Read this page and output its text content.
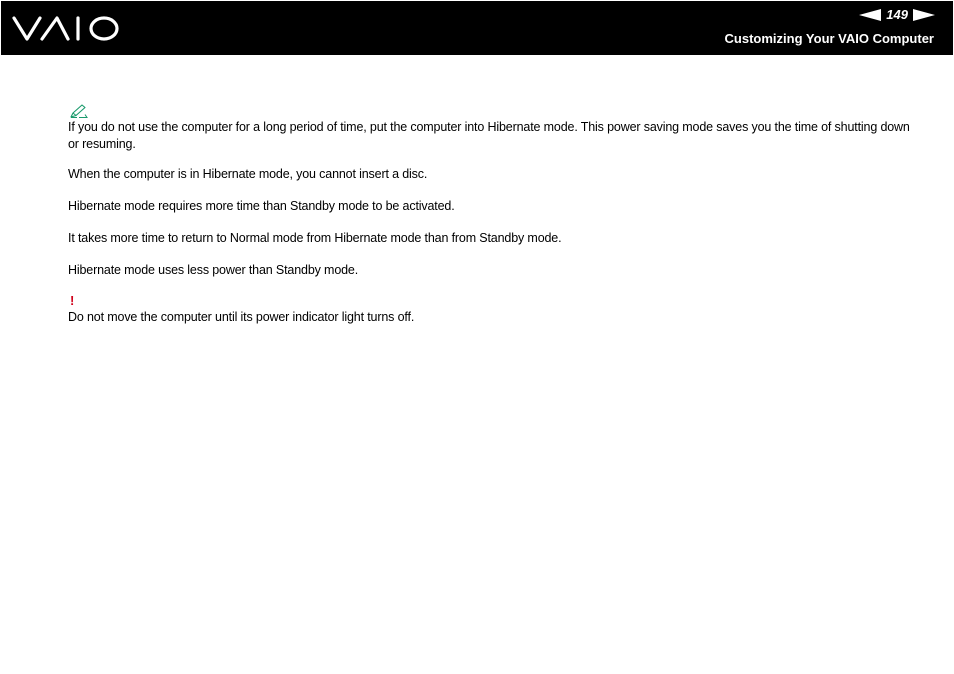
149
Customizing Your VAIO Computer

If you do not use the computer for a long period of time, put the computer into Hibernate mode. This power saving mode saves you the time of shutting down or resuming.

When the computer is in Hibernate mode, you cannot insert a disc.

Hibernate mode requires more time than Standby mode to be activated.

It takes more time to return to Normal mode from Hibernate mode than from Standby mode.

Hibernate mode uses less power than Standby mode.

!

Do not move the computer until its power indicator light turns off.
